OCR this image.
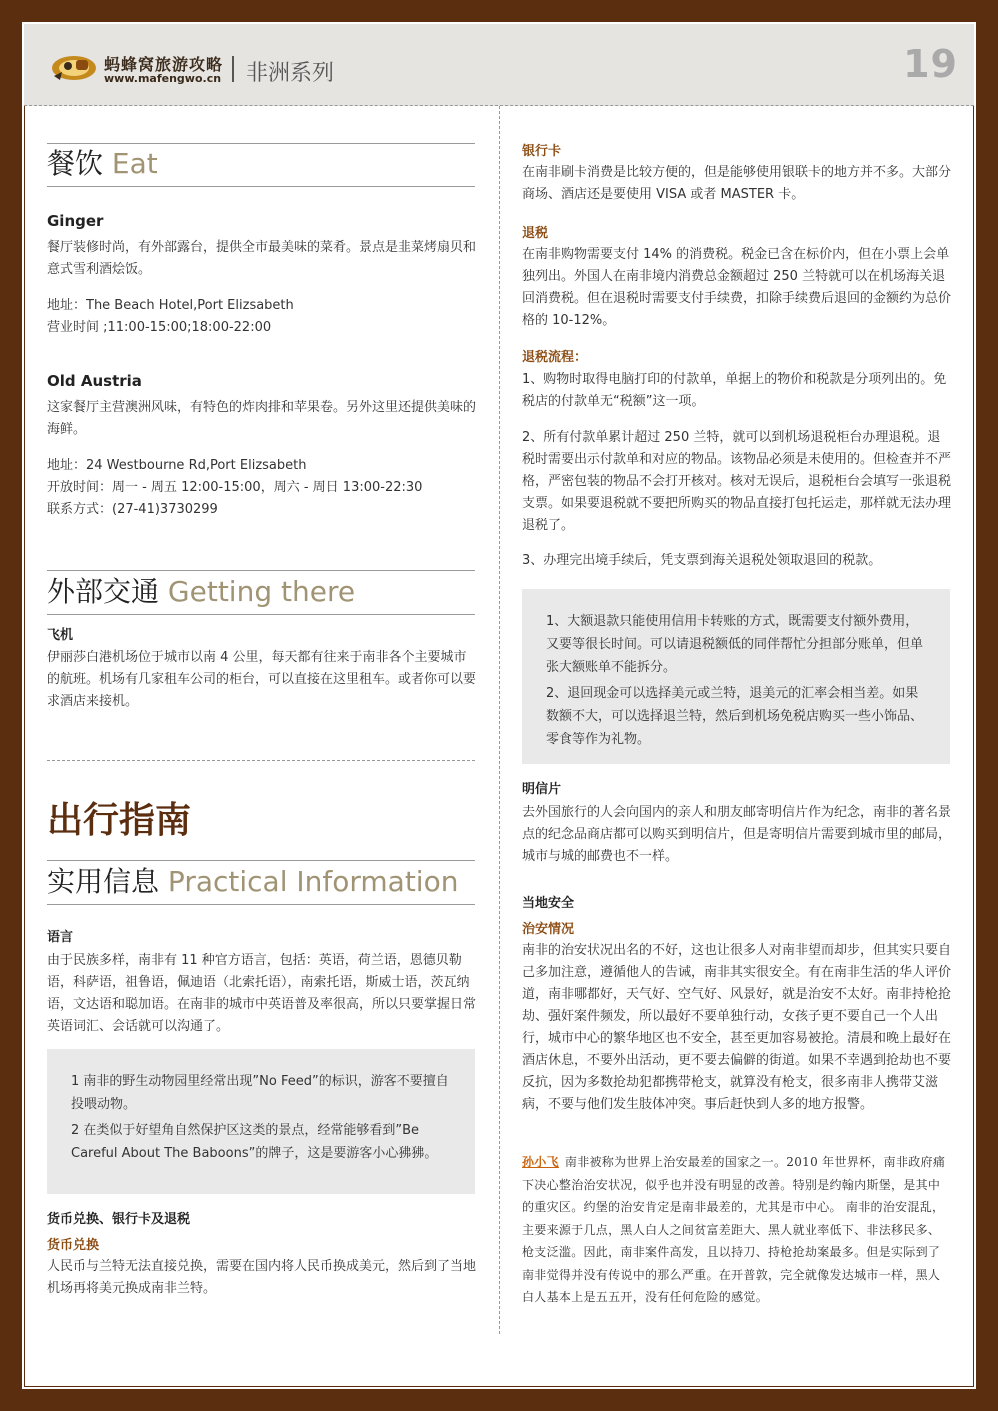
蚂蜂窝旅游攻略
www.mafengwo.cn 非洲系列	19
餐饮 Eat
Ginger

餐厅装修时尚，有外部露台，提供全市最美味的菜肴。景点是韭菜烤扇贝和意式雪利酒烩饭。

地址：The Beach Hotel,Port Elizsabeth

营业时间 ;11:00-15:00;18:00-22:00

Old Austria

这家餐厅主营澳洲风味，有特色的炸肉排和苹果卷。另外这里还提供美味的海鲜。

地址：24 Westbourne Rd,Port Elizsabeth

开放时间：周一 - 周五 12:00-15:00，周六 - 周日 13:00-22:30

联系方式：(27-41)3730299

外部交通 Getting there
飞机

伊丽莎白港机场位于城市以南 4 公里，每天都有往来于南非各个主要城市的航班。机场有几家租车公司的柜台，可以直接在这里租车。或者你可以要求酒店来接机。

出行指南
实用信息 Practical Information
语言

由于民族多样，南非有 11 种官方语言，包括：英语，荷兰语，恩德贝勒语，科萨语，祖鲁语，佩迪语（北索托语），南索托语，斯威士语，茨瓦纳语，文达语和聪加语。在南非的城市中英语普及率很高，所以只要掌握日常英语词汇、会话就可以沟通了。

1 南非的野生动物园里经常出现”No Feed”的标识，游客不要擅自投喂动物。

2 在类似于好望角自然保护区这类的景点，经常能够看到”Be Careful About The Baboons”的牌子，这是要游客小心狒狒。

货币兑换、银行卡及退税
货币兑换

人民币与兰特无法直接兑换，需要在国内将人民币换成美元，然后到了当地机场再将美元换成南非兰特。

银行卡

在南非刷卡消费是比较方便的，但是能够使用银联卡的地方并不多。大部分商场、酒店还是要使用 VISA 或者 MASTER 卡。

退税

在南非购物需要支付 14% 的消费税。税金已含在标价内，但在小票上会单独列出。外国人在南非境内消费总金额超过 250 兰特就可以在机场海关退回消费税。但在退税时需要支付手续费，扣除手续费后退回的金额约为总价格的 10-12%。

退税流程：

1、购物时取得电脑打印的付款单，单据上的物价和税款是分项列出的。免税店的付款单无“税额”这一项。

2、所有付款单累计超过 250 兰特，就可以到机场退税柜台办理退税。退税时需要出示付款单和对应的物品。该物品必须是未使用的。但检查并不严格，严密包装的物品不会打开核对。核对无误后，退税柜台会填写一张退税支票。如果要退税就不要把所购买的物品直接打包托运走，那样就无法办理退税了。

3、办理完出境手续后，凭支票到海关退税处领取退回的税款。

1、大额退款只能使用信用卡转账的方式，既需要支付额外费用，又要等很长时间。可以请退税额低的同伴帮忙分担部分账单，但单张大额账单不能拆分。

2、退回现金可以选择美元或兰特，退美元的汇率会相当差。如果数额不大，可以选择退兰特，然后到机场免税店购买一些小饰品、零食等作为礼物。

明信片

去外国旅行的人会向国内的亲人和朋友邮寄明信片作为纪念，南非的著名景点的纪念品商店都可以购买到明信片，但是寄明信片需要到城市里的邮局，城市与城的邮费也不一样。

当地安全
治安情况

南非的治安状况出名的不好，这也让很多人对南非望而却步，但其实只要自己多加注意，遵循他人的告诫，南非其实很安全。有在南非生活的华人评价道，南非哪都好，天气好、空气好、风景好，就是治安不太好。南非持枪抢劫、强奸案件频发，所以最好不要单独行动，女孩子更不要自己一个人出行，城市中心的繁华地区也不安全，甚至更加容易被抢。清晨和晚上最好在酒店休息，不要外出活动，更不要去偏僻的街道。如果不幸遇到抢劫也不要反抗，因为多数抢劫犯都携带枪支，就算没有枪支，很多南非人携带艾滋病，不要与他们发生肢体冲突。事后赶快到人多的地方报警。

孙小飞 南非被称为世界上治安最差的国家之一。2010 年世界杯，南非政府痛下决心整治治安状况，似乎也并没有明显的改善。特别是约翰内斯堡，是其中的重灾区。约堡的治安肯定是南非最差的，尤其是市中心。 南非的治安混乱，主要来源于几点，黑人白人之间贫富差距大、黑人就业率低下、非法移民多、枪支泛滥。因此，南非案件高发，且以持刀、持枪抢劫案最多。但是实际到了南非觉得并没有传说中的那么严重。在开普敦，完全就像发达城市一样，黑人白人基本上是五五开，没有任何危险的感觉。
